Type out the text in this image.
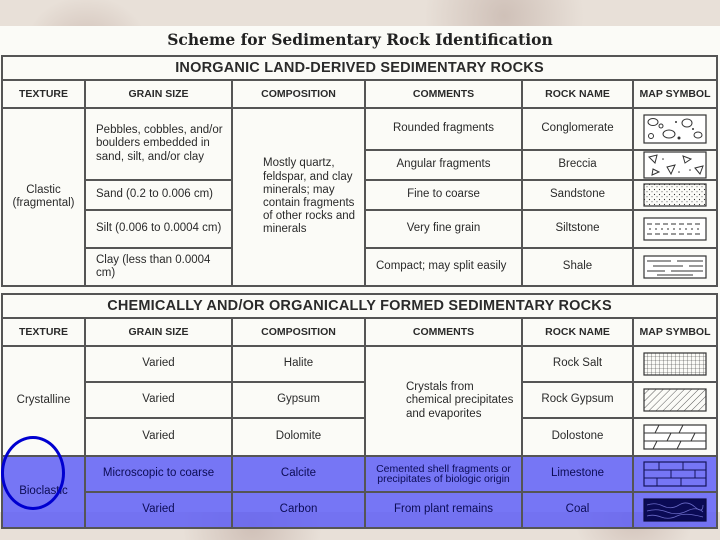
Scheme for Sedimentary Rock Identification
INORGANIC LAND-DERIVED SEDIMENTARY ROCKS					
TEXTURE	GRAIN SIZE	COMPOSITION	COMMENTS	ROCK NAME	MAP SYMBOL
Clastic (fragmental)	Pebbles, cobbles, and/or boulders embedded in sand, silt, and/or clay	Mostly quartz, feldspar, and clay minerals; may contain fragments of other rocks and minerals	Rounded fragments	Conglomerate	

			Angular fragments	Breccia	

	Sand (0.2 to 0.006 cm)		Fine to coarse	Sandstone	

	Silt (0.006 to 0.0004 cm)		Very fine grain	Siltstone	

	Clay (less than 0.0004 cm)		Compact; may split easily	Shale	

CHEMICALLY AND/OR ORGANICALLY FORMED SEDIMENTARY ROCKS					
TEXTURE	GRAIN SIZE	COMPOSITION	COMMENTS	ROCK NAME	MAP SYMBOL
Crystalline	Varied	Halite	Crystals from chemical precipitates and evaporites	Rock Salt	

	Varied	Gypsum		Rock Gypsum	

	Varied	Dolomite		Dolostone	

Bioclastic	Microscopic to coarse	Calcite	Cemented shell fragments or precipitates of biologic origin	Limestone	

	Varied	Carbon	From plant remains	Coal	
